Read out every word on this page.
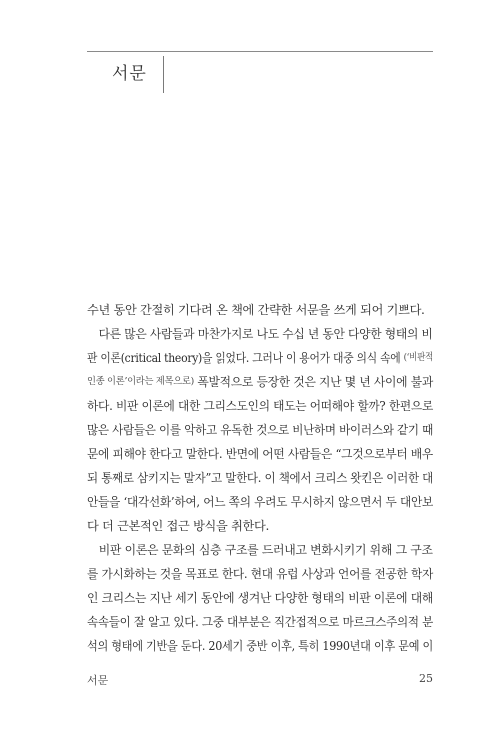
서문
수년 동안 간절히 기다려 온 책에 간략한 서문을 쓰게 되어 기쁘다.
다른 많은 사람들과 마찬가지로 나도 수십 년 동안 다양한 형태의 비
판 이론(critical theory)을 읽었다. 그러나 이 용어가 대중 의식 속에 (‘비판적
인종 이론’이라는 제목으로) 폭발적으로 등장한 것은 지난 몇 년 사이에 불과
하다. 비판 이론에 대한 그리스도인의 태도는 어떠해야 할까? 한편으로
많은 사람들은 이를 악하고 유독한 것으로 비난하며 바이러스와 같기 때
문에 피해야 한다고 말한다. 반면에 어떤 사람들은 “그것으로부터 배우
되 통째로 삼키지는 말자”고 말한다. 이 책에서 크리스 왓킨은 이러한 대
안들을 ‘대각선화’하여, 어느 쪽의 우려도 무시하지 않으면서 두 대안보
다 더 근본적인 접근 방식을 취한다.
비판 이론은 문화의 심층 구조를 드러내고 변화시키기 위해 그 구조
를 가시화하는 것을 목표로 한다. 현대 유럽 사상과 언어를 전공한 학자
인 크리스는 지난 세기 동안에 생겨난 다양한 형태의 비판 이론에 대해
속속들이 잘 알고 있다. 그중 대부분은 직간접적으로 마르크스주의적 분
석의 형태에 기반을 둔다. 20세기 중반 이후, 특히 1990년대 이후 문예 이
서문	25
